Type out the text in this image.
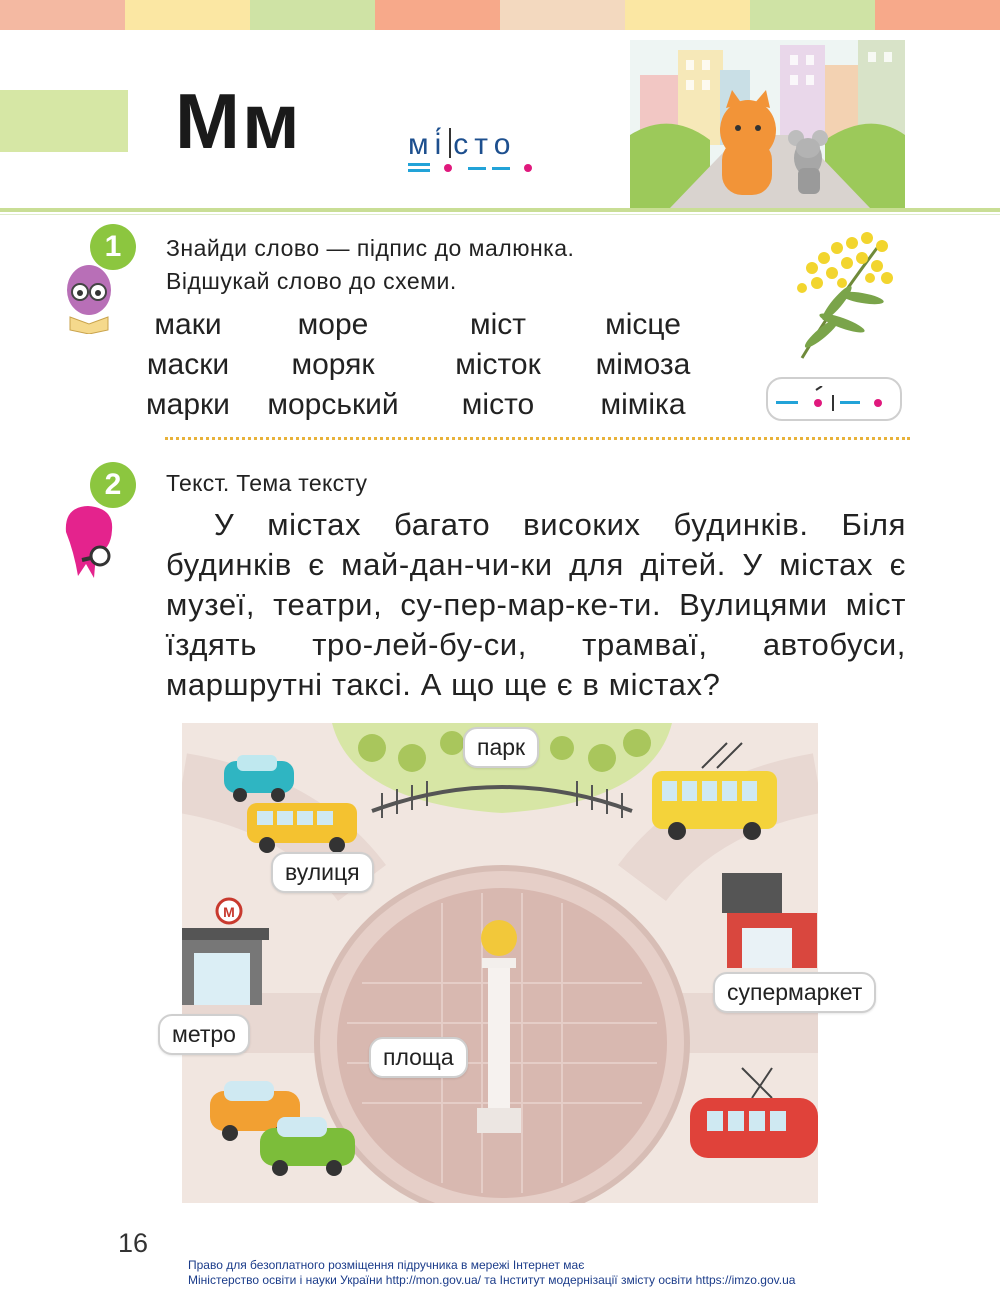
Мм	мі́ сто
1	Знайди слово — підпис до малюнка.
Відшукай слово до схеми.
маки	море	міст	місце
маски	моряк	місток	мімоза
марки	морський	місто	міміка
2	Текст. Тема тексту

У містах багато високих будинків. Біля будинків є май-дан-чи-ки для дітей. У містах є музеї, театри, су-пер-мар-ке-ти. Вулицями міст їздять тро-лей-бу-си, трамваї, автобуси, маршрутні таксі. А що ще є в містах?

М
парк
вулиця
метро
площа
супермаркет
16
Право для безоплатного розміщення підручника в мережі Інтернет має
Міністерство освіти і науки України http://mon.gov.ua/ та Інститут модернізації змісту освіти https://imzo.gov.ua
